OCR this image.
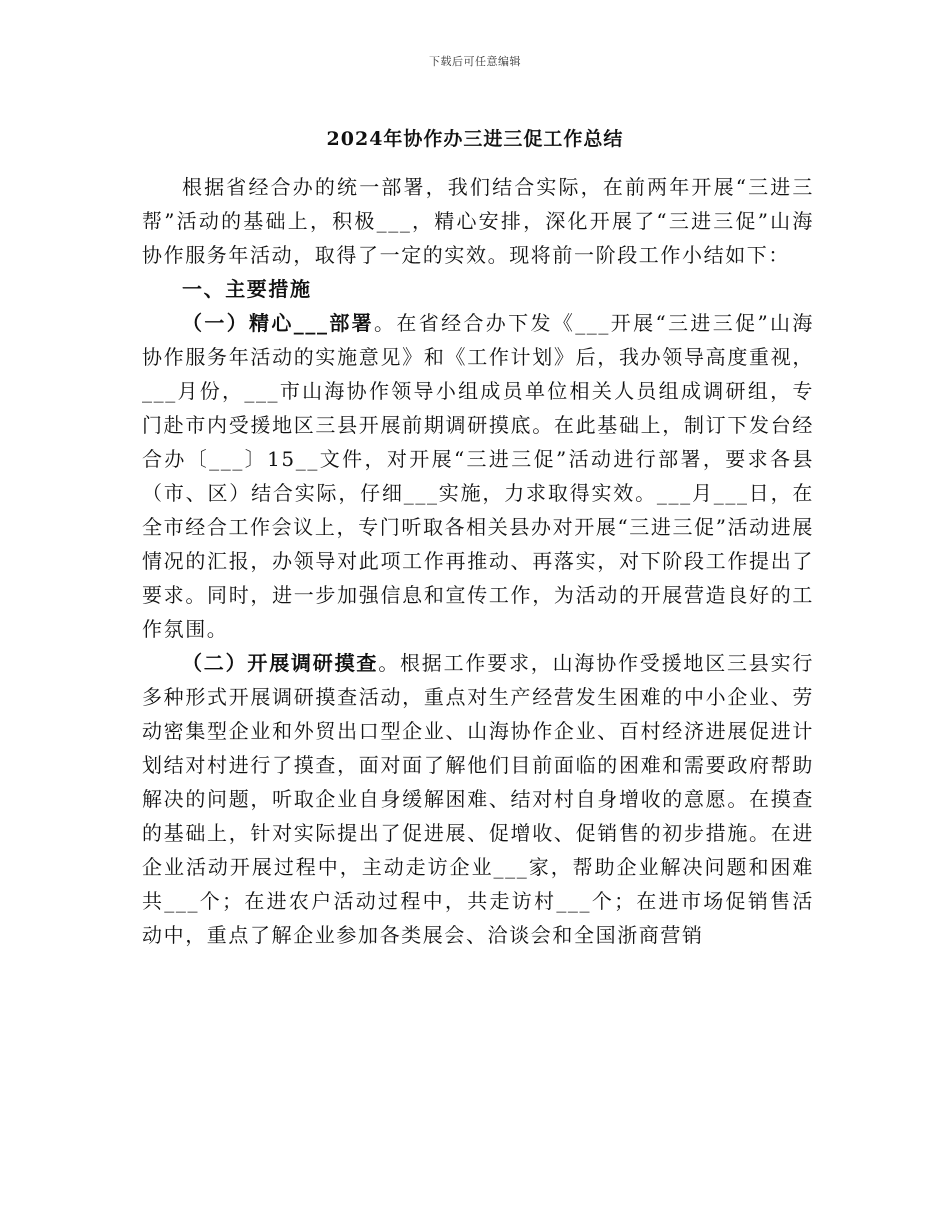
下载后可任意编辑
2024年协作办三进三促工作总结

根据省经合办的统一部署，我们结合实际，在前两年开展“三进三帮”活动的基础上，积极___，精心安排，深化开展了“三进三促”山海协作服务年活动，取得了一定的实效。现将前一阶段工作小结如下：

一、主要措施

（一）精心___部署。在省经合办下发《___开展“三进三促”山海协作服务年活动的实施意见》和《工作计划》后，我办领导高度重视，___月份，___市山海协作领导小组成员单位相关人员组成调研组，专门赴市内受援地区三县开展前期调研摸底。在此基础上，制订下发台经合办〔___〕15__文件，对开展“三进三促”活动进行部署，要求各县（市、区）结合实际，仔细___实施，力求取得实效。___月___日，在全市经合工作会议上，专门听取各相关县办对开展“三进三促”活动进展情况的汇报，办领导对此项工作再推动、再落实，对下阶段工作提出了要求。同时，进一步加强信息和宣传工作，为活动的开展营造良好的工作氛围。

（二）开展调研摸查。根据工作要求，山海协作受援地区三县实行多种形式开展调研摸查活动，重点对生产经营发生困难的中小企业、劳动密集型企业和外贸出口型企业、山海协作企业、百村经济进展促进计划结对村进行了摸查，面对面了解他们目前面临的困难和需要政府帮助解决的问题，听取企业自身缓解困难、结对村自身增收的意愿。在摸查的基础上，针对实际提出了促进展、促增收、促销售的初步措施。在进企业活动开展过程中，主动走访企业___家，帮助企业解决问题和困难共___个；在进农户活动过程中，共走访村___个；在进市场促销售活动中，重点了解企业参加各类展会、洽谈会和全国浙商营销
